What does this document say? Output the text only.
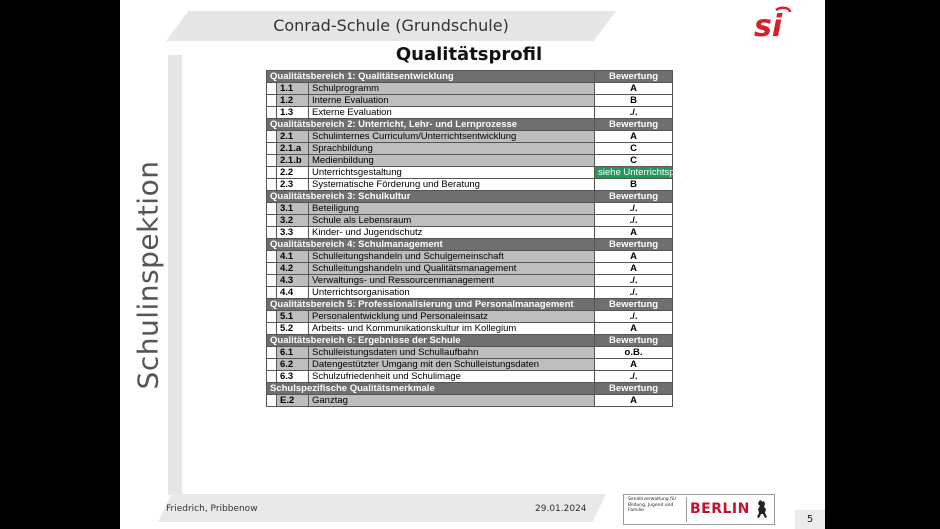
Conrad-Schule (Grundschule)	si
Schulinspektion
Qualitätsprofil
Qualitätsbereich 1: Qualitätsentwicklung			Bewertung
	1.1	Schulprogramm	A
	1.2	Interne Evaluation	B
	1.3	Externe Evaluation	./.
Qualitätsbereich 2: Unterricht, Lehr- und Lernprozesse			Bewertung
	2.1	Schulinternes Curriculum/Unterrichtsentwicklung	A
	2.1.a	Sprachbildung	C
	2.1.b	Medienbildung	C
	2.2	Unterrichtsgestaltung	siehe Unterrichtsprofil
	2.3	Systematische Förderung und Beratung	B
Qualitätsbereich 3: Schulkultur			Bewertung
	3.1	Beteiligung	./.
	3.2	Schule als Lebensraum	./.
	3.3	Kinder- und Jugendschutz	A
Qualitätsbereich 4: Schulmanagement			Bewertung
	4.1	Schulleitungshandeln und Schulgemeinschaft	A
	4.2	Schulleitungshandeln und Qualitätsmanagement	A
	4.3	Verwaltungs- und Ressourcenmanagement	./.
	4.4	Unterrichtsorganisation	./.
Qualitätsbereich 5: Professionalisierung und Personalmanagement			Bewertung
	5.1	Personalentwicklung und Personaleinsatz	./.
	5.2	Arbeits- und Kommunikationskultur im Kollegium	A
Qualitätsbereich 6: Ergebnisse der Schule			Bewertung
	6.1	Schulleistungsdaten und Schullaufbahn	o.B.
	6.2	Datengestützter Umgang mit den Schulleistungsdaten	A
	6.3	Schulzufriedenheit und Schulimage	./.
Schulspezifische Qualitätsmerkmale			Bewertung
	E.2	Ganztag	A
Friedrich, Pribbenow	29.01.2024
Senatsverwaltung für Bildung, Jugend und Familie	BERLIN
5
